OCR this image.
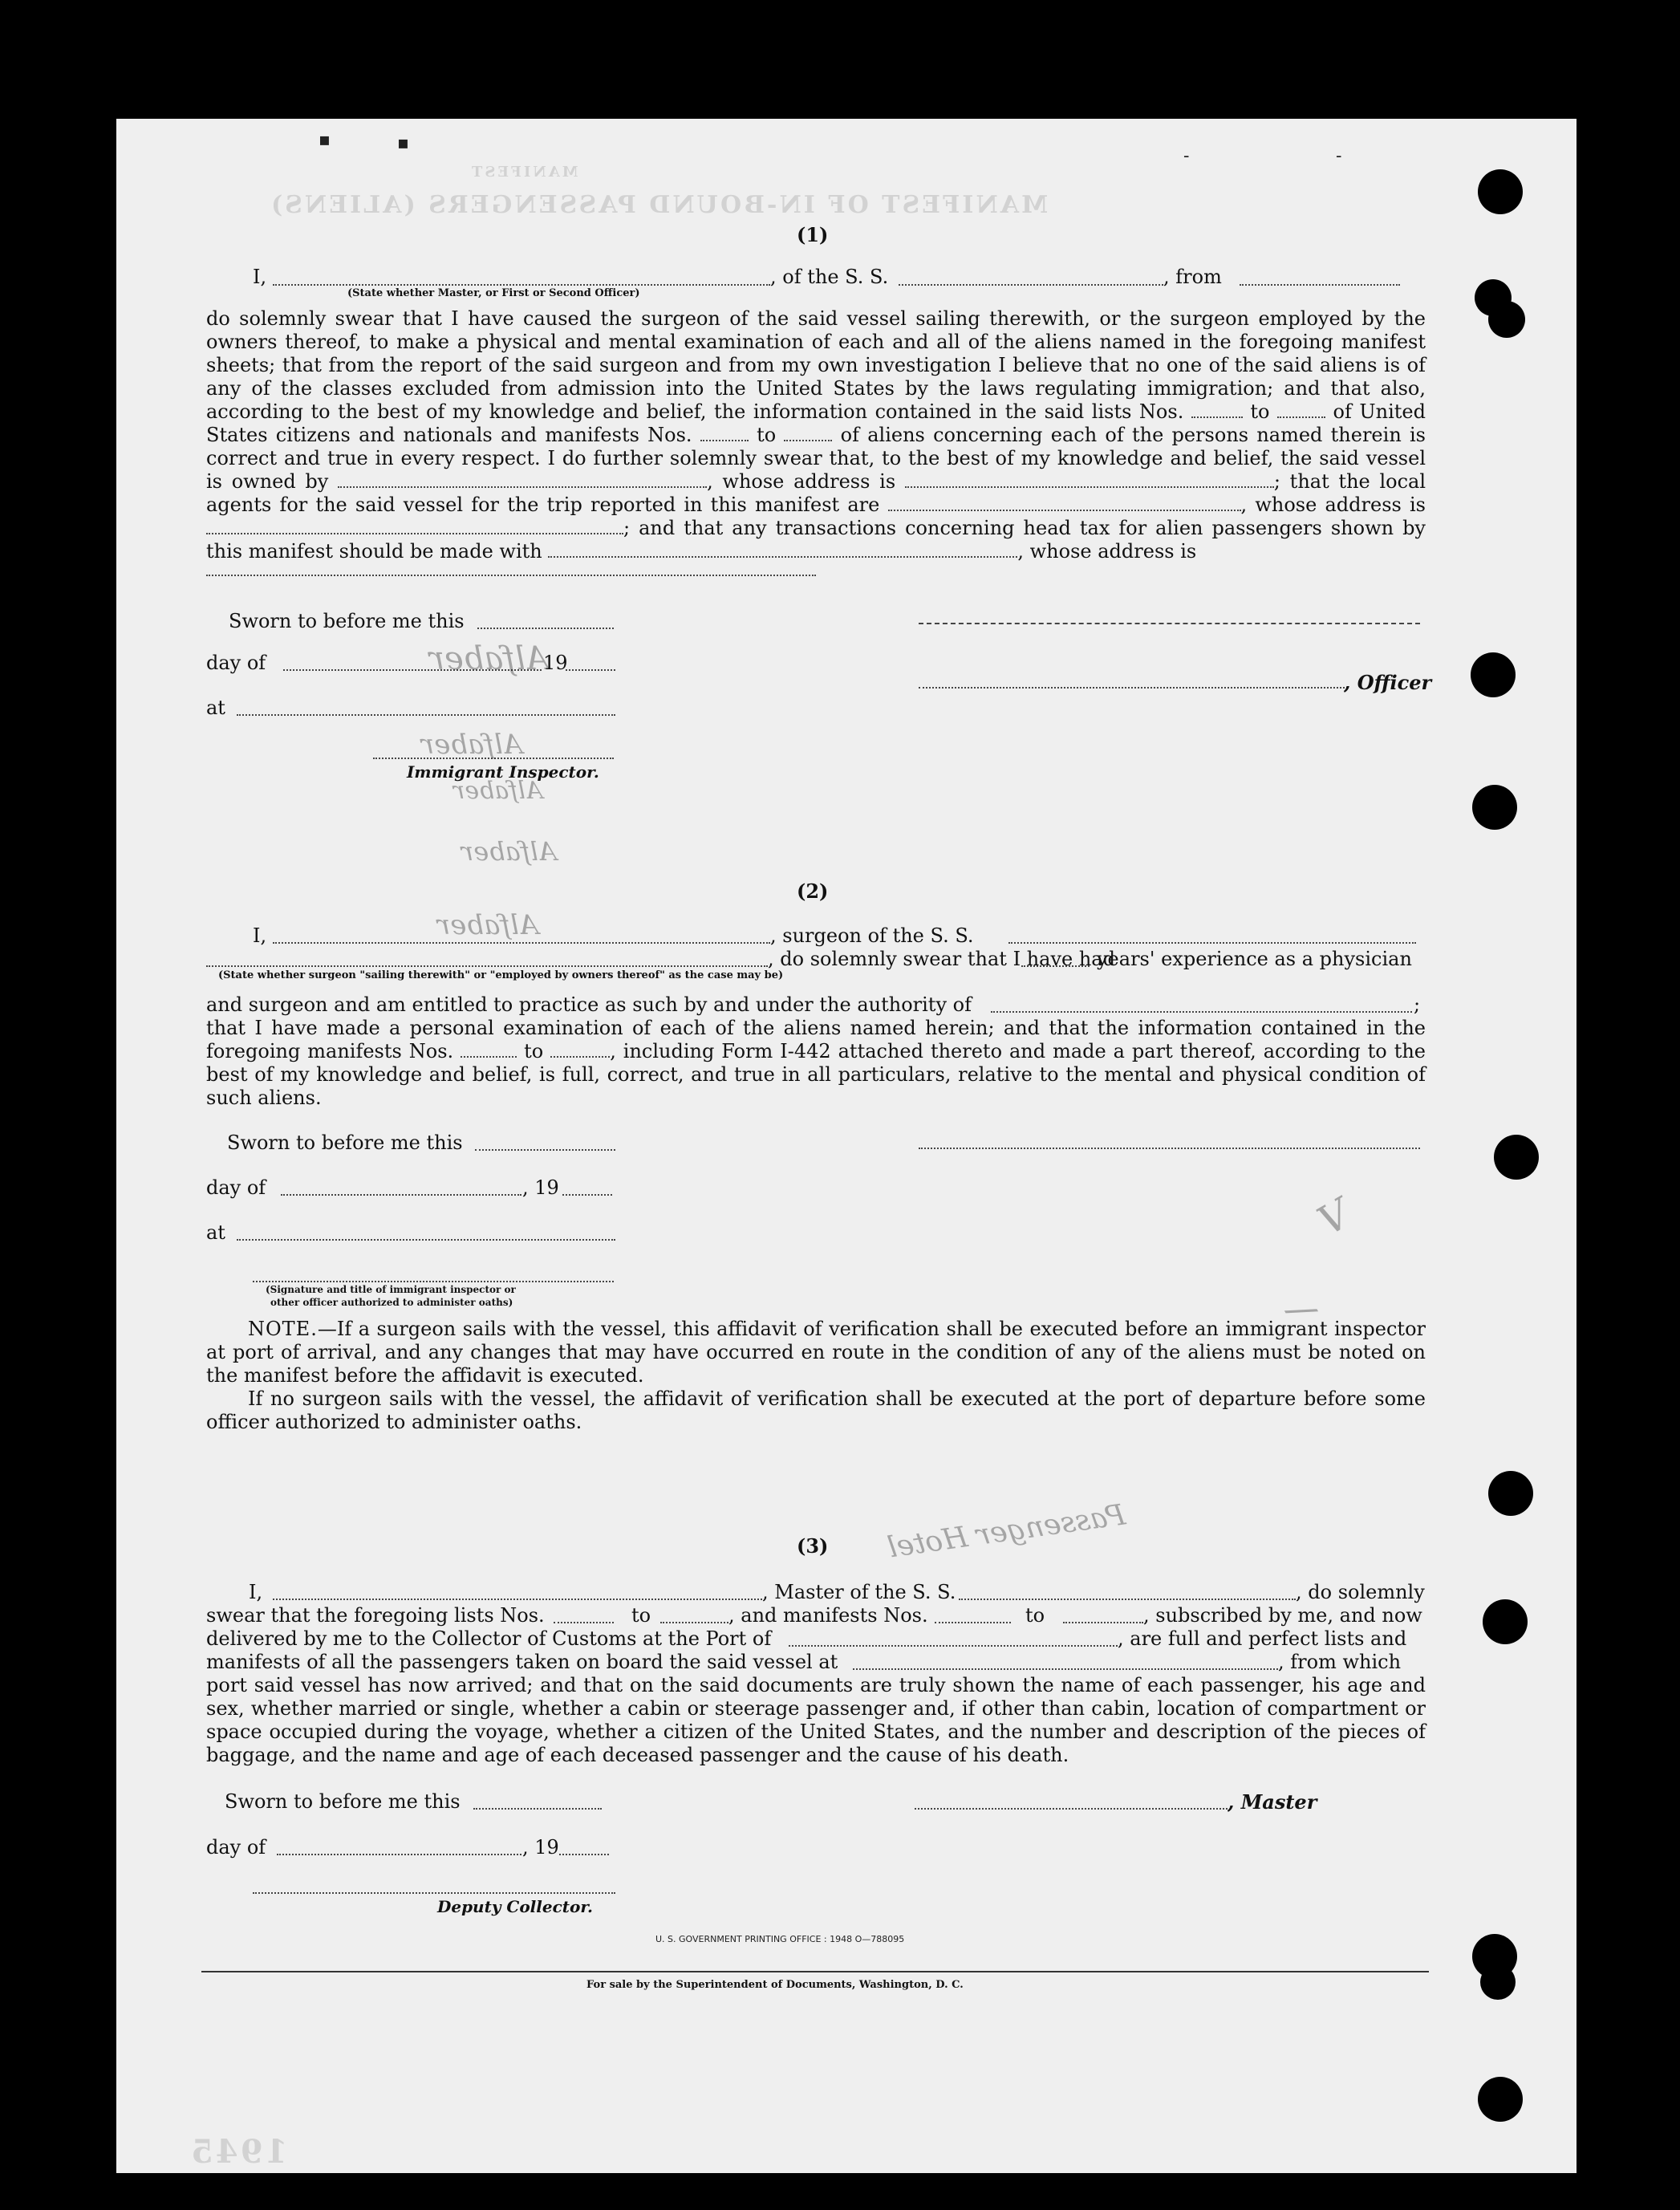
MANIFEST OF IN-BOUND PASSENGERS (ALIENS)
MANIFEST
▪	▪
-	-
(1)
I,	, of the S. S.	, from
(State whether Master, or First or Second Officer)
do solemnly swear that I have caused the surgeon of the said vessel sailing therewith, or the surgeon employed by the owners thereof, to make a physical and mental examination of each and all of the aliens named in the foregoing manifest sheets; that from the report of the said surgeon and from my own investigation I believe that no one of the said aliens is of any of the classes excluded from admission into the United States by the laws regulating immigration; and that also, according to the best of my knowledge and belief, the information contained in the said lists Nos.	to	of United States citizens and nationals and manifests Nos.	to	of aliens concerning each of the persons named therein is correct and true in every respect. I do further solemnly swear that, to the best of my knowledge and belief, the said vessel is owned by	, whose address is	; that the local agents for the said vessel for the trip reported in this manifest are	, whose address is ; and that any transactions concerning head tax for alien passengers shown by this manifest should be made with	, whose address is
Sworn to before me this
day of	19
at
Immigrant Inspector.
Alfaber
Alfaber
Alfaber
Alfaber
, Officer
(2)
I,	Alfaber	, surgeon of the S. S.
, do solemnly swear that I have had
years' experience as a physician
(State whether surgeon "sailing therewith" or "employed by owners thereof" as the case may be)
and surgeon and am entitled to practice as such by and under the authority of	;
that I have made a personal examination of each of the aliens named herein; and that the information contained in the foregoing manifests Nos.	to	, including Form I-442 attached thereto and made a part thereof, according to the best of my knowledge and belief, is full, correct, and true in all particulars, relative to the mental and physical condition of such aliens.
Sworn to before me this
day of	, 19
at
(Signature and title of immigrant inspector or
other officer authorized to administer oaths)
NOTE.—If a surgeon sails with the vessel, this affidavit of verification shall be executed before an immigrant inspector at port of arrival, and any changes that may have occurred en route in the condition of any of the aliens must be noted on the manifest before the affidavit is executed.
If no surgeon sails with the vessel, the affidavit of verification shall be executed at the port of departure before some officer authorized to administer oaths.
(3)
I,	, Master of the S. S.	, do solemnly
swear that the foregoing lists Nos.	to	, and manifests Nos.	to	, subscribed by me, and now
delivered by me to the Collector of Customs at the Port of	, are full and perfect lists and
manifests of all the passengers taken on board the said vessel at	, from which
port said vessel has now arrived; and that on the said documents are truly shown the name of each passenger, his age and sex, whether married or single, whether a cabin or steerage passenger and, if other than cabin, location of compartment or space occupied during the voyage, whether a citizen of the United States, and the number and description of the pieces of baggage, and the name and age of each deceased passenger and the cause of his death.
Sworn to before me this	, Master
day of	, 19
Deputy Collector.
Passenger Hotel
/
V
U. S. GOVERNMENT PRINTING OFFICE : 1948 O—788095
For sale by the Superintendent of Documents, Washington, D. C.
1945
